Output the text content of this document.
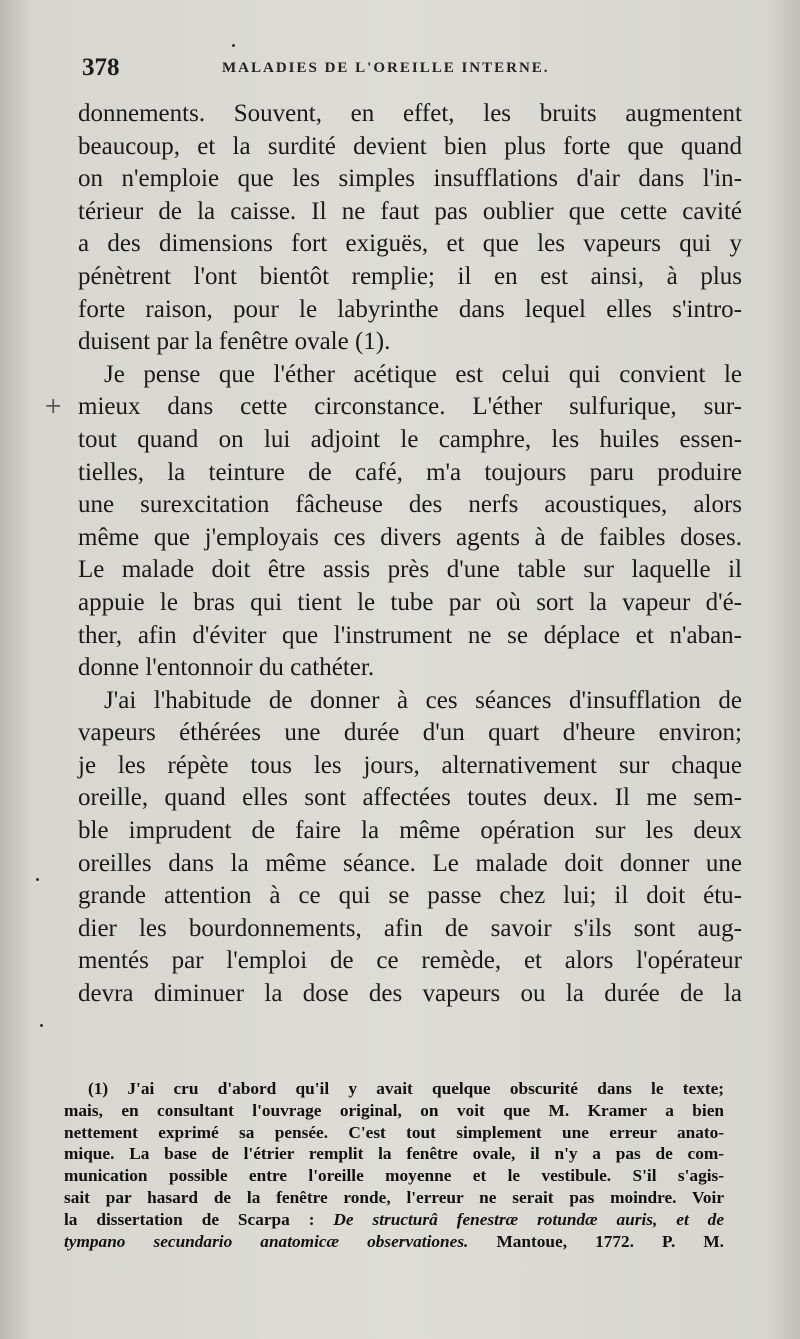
378	MALADIES DE L'OREILLE INTERNE.
+
donnements. Souvent, en effet, les bruits augmentent
beaucoup, et la surdité devient bien plus forte que quand
on n'emploie que les simples insufflations d'air dans l'in-
térieur de la caisse. Il ne faut pas oublier que cette cavité
a des dimensions fort exiguës, et que les vapeurs qui y
pénètrent l'ont bientôt remplie; il en est ainsi, à plus
forte raison, pour le labyrinthe dans lequel elles s'intro-
duisent par la fenêtre ovale (1).
Je pense que l'éther acétique est celui qui convient le
mieux dans cette circonstance. L'éther sulfurique, sur-
tout quand on lui adjoint le camphre, les huiles essen-
tielles, la teinture de café, m'a toujours paru produire
une surexcitation fâcheuse des nerfs acoustiques, alors
même que j'employais ces divers agents à de faibles doses.
Le malade doit être assis près d'une table sur laquelle il
appuie le bras qui tient le tube par où sort la vapeur d'é-
ther, afin d'éviter que l'instrument ne se déplace et n'aban-
donne l'entonnoir du cathéter.
J'ai l'habitude de donner à ces séances d'insufflation de
vapeurs éthérées une durée d'un quart d'heure environ;
je les répète tous les jours, alternativement sur chaque
oreille, quand elles sont affectées toutes deux. Il me sem-
ble imprudent de faire la même opération sur les deux
oreilles dans la même séance. Le malade doit donner une
grande attention à ce qui se passe chez lui; il doit étu-
dier les bourdonnements, afin de savoir s'ils sont aug-
mentés par l'emploi de ce remède, et alors l'opérateur
devra diminuer la dose des vapeurs ou la durée de la
(1) J'ai cru d'abord qu'il y avait quelque obscurité dans le texte;
mais, en consultant l'ouvrage original, on voit que M. Kramer a bien
nettement exprimé sa pensée. C'est tout simplement une erreur anato-
mique. La base de l'étrier remplit la fenêtre ovale, il n'y a pas de com-
munication possible entre l'oreille moyenne et le vestibule. S'il s'agis-
sait par hasard de la fenêtre ronde, l'erreur ne serait pas moindre. Voir
la dissertation de Scarpa : De structurâ fenestræ rotundæ auris, et de
tympano secundario anatomicæ observationes. Mantoue, 1772. P. M.
